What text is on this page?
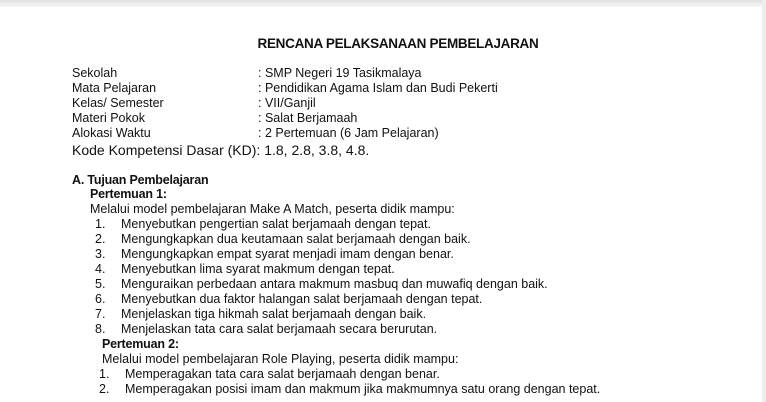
RENCANA PELAKSANAAN PEMBELAJARAN
Sekolah	: SMP Negeri 19 Tasikmalaya
Mata Pelajaran	: Pendidikan Agama Islam dan Budi Pekerti
Kelas/ Semester	: VII/Ganjil
Materi Pokok	: Salat Berjamaah
Alokasi Waktu	: 2 Pertemuan (6 Jam Pelajaran)
Kode Kompetensi Dasar (KD) : 1.8, 2.8, 3.8, 4.8.
A. Tujuan Pembelajaran
Pertemuan 1:
Melalui model pembelajaran Make A Match, peserta didik mampu:
1.	Menyebutkan pengertian salat berjamaah dengan tepat.
2.	Mengungkapkan dua keutamaan salat berjamaah dengan baik.
3.	Mengungkapkan empat syarat menjadi imam dengan benar.
4.	Menyebutkan lima syarat makmum dengan tepat.
5.	Menguraikan perbedaan antara makmum masbuq dan muwafiq dengan baik.
6.	Menyebutkan dua faktor halangan salat berjamaah dengan tepat.
7.	Menjelaskan tiga hikmah salat berjamaah dengan baik.
8.	Menjelaskan tata cara salat berjamaah secara berurutan.
Pertemuan 2:
Melalui model pembelajaran Role Playing, peserta didik mampu:
1.	Memperagakan tata cara salat berjamaah dengan benar.
2.	Memperagakan posisi imam dan makmum jika makmumnya satu orang dengan tepat.
